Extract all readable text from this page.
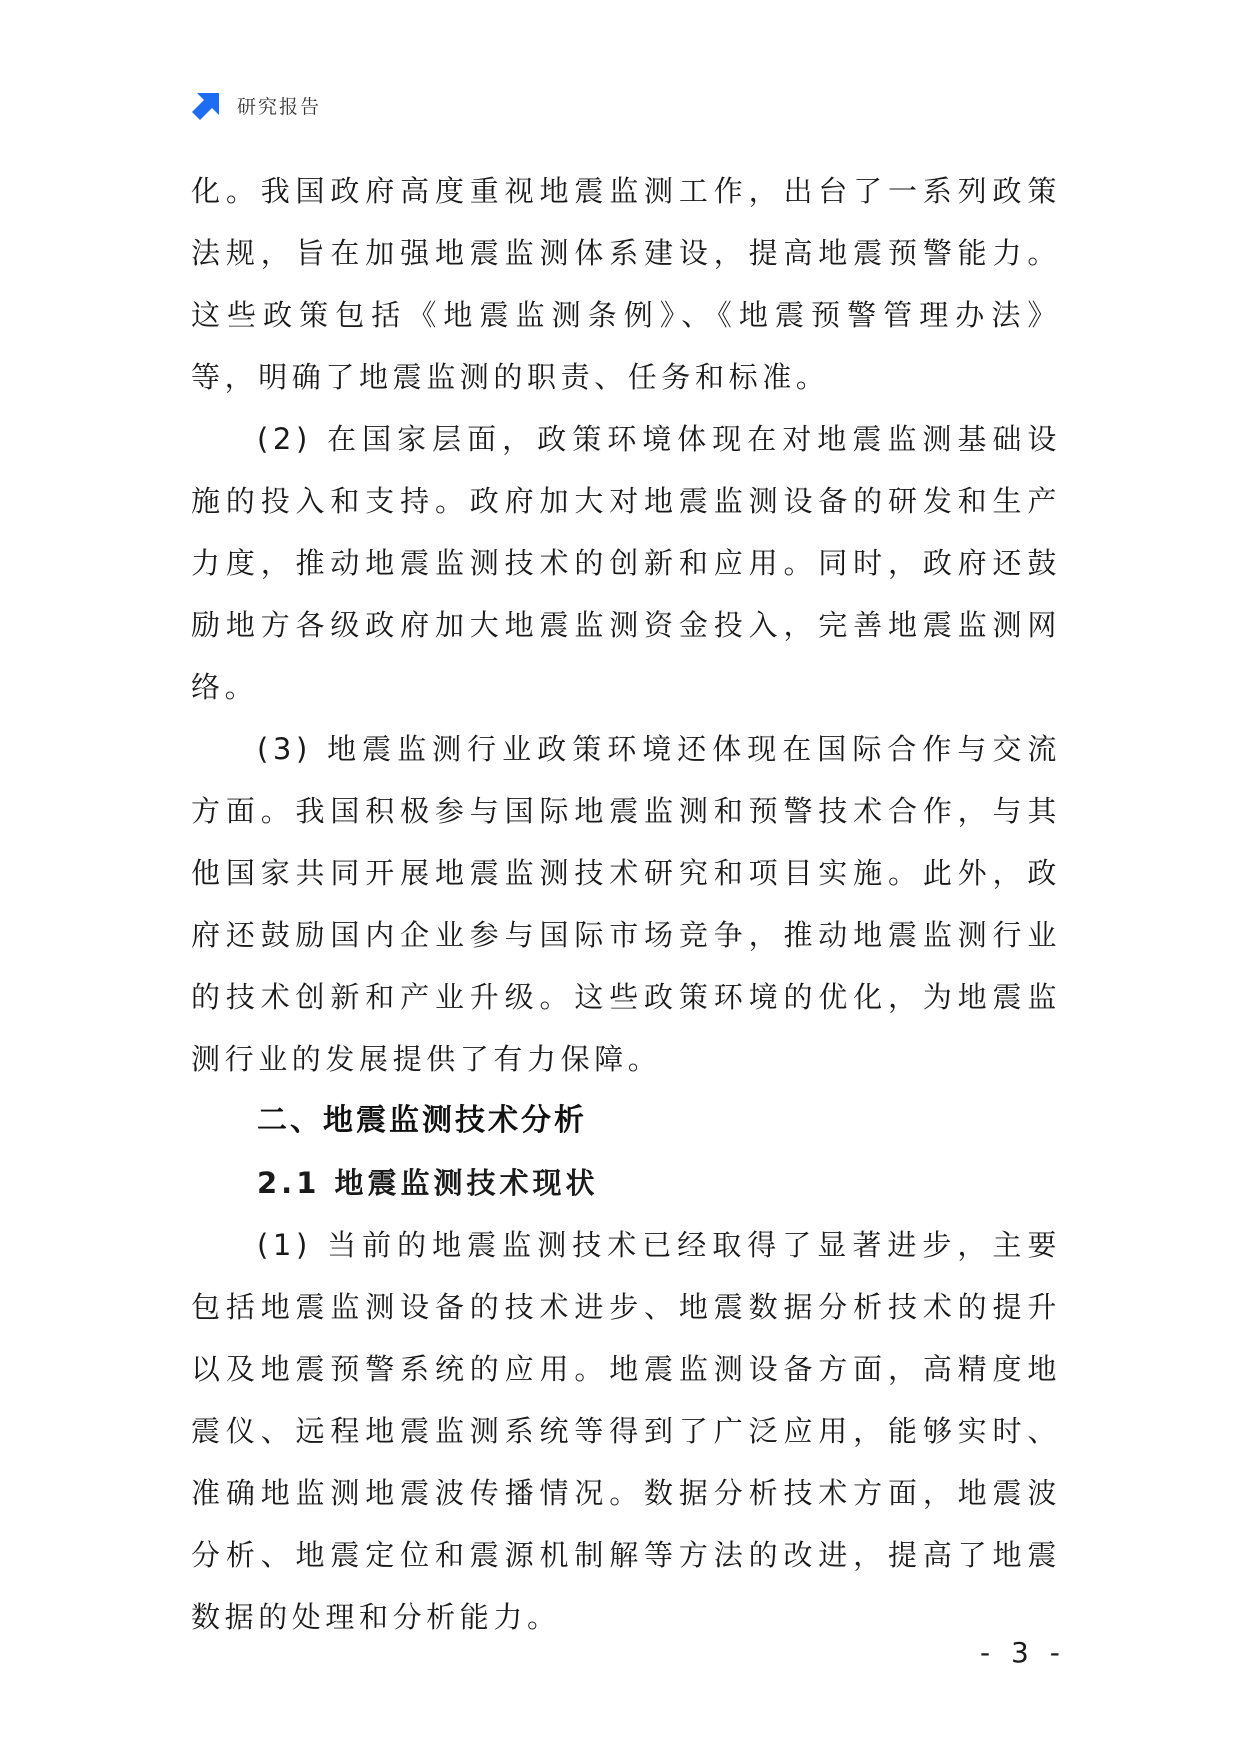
研究报告

化。我国政府高度重视地震监测工作，出台了一系列政策法规，旨在加强地震监测体系建设，提高地震预警能力。这些政策包括《地震监测条例》、《地震预警管理办法》等，明确了地震监测的职责、任务和标准。

(2) 在国家层面，政策环境体现在对地震监测基础设施的投入和支持。政府加大对地震监测设备的研发和生产力度，推动地震监测技术的创新和应用。同时，政府还鼓励地方各级政府加大地震监测资金投入，完善地震监测网络。

(3) 地震监测行业政策环境还体现在国际合作与交流方面。我国积极参与国际地震监测和预警技术合作，与其他国家共同开展地震监测技术研究和项目实施。此外，政府还鼓励国内企业参与国际市场竞争，推动地震监测行业的技术创新和产业升级。这些政策环境的优化，为地震监测行业的发展提供了有力保障。

二、地震监测技术分析
2.1 地震监测技术现状

(1) 当前的地震监测技术已经取得了显著进步，主要包括地震监测设备的技术进步、地震数据分析技术的提升以及地震预警系统的应用。地震监测设备方面，高精度地震仪、远程地震监测系统等得到了广泛应用，能够实时、准确地监测地震波传播情况。数据分析技术方面，地震波分析、地震定位和震源机制解等方法的改进，提高了地震数据的处理和分析能力。

- 3 -
